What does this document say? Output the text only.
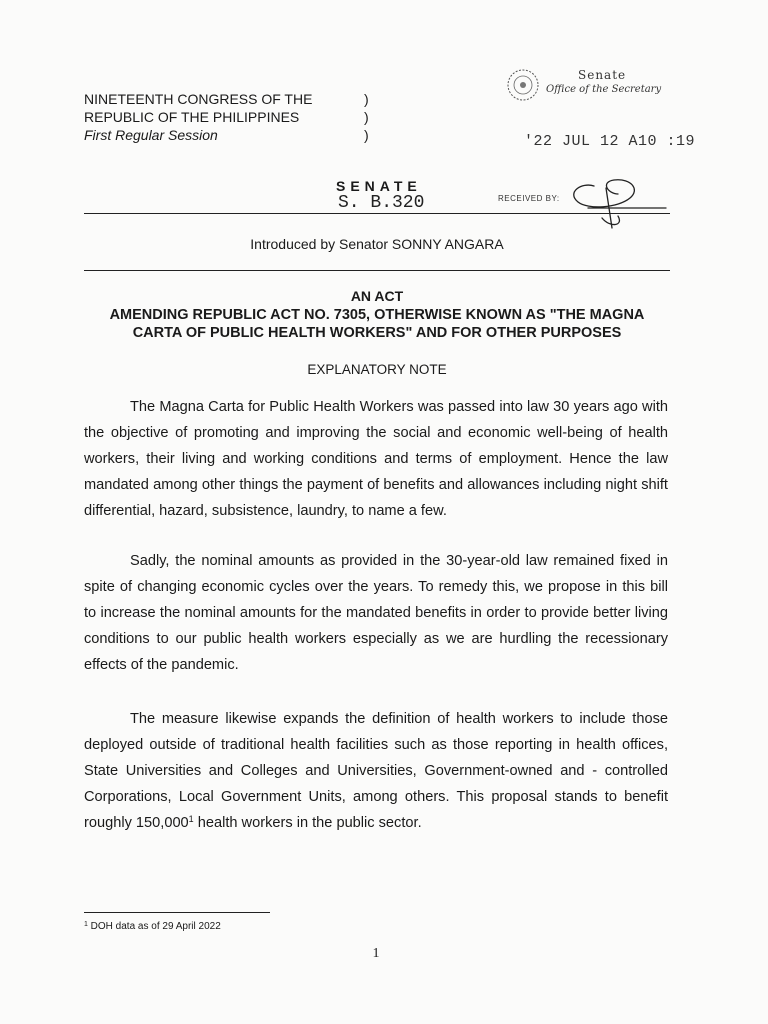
NINETEENTH CONGRESS OF THE
REPUBLIC OF THE PHILIPPINES
First Regular Session
)
)
)
Senate
Office of the Secretary
'22 JUL 12 A10 :19
SENATE
S. B.320	RECEIVED BY:
Introduced by Senator SONNY ANGARA
AN ACT
AMENDING REPUBLIC ACT NO. 7305, OTHERWISE KNOWN AS "THE MAGNA
CARTA OF PUBLIC HEALTH WORKERS" AND FOR OTHER PURPOSES
EXPLANATORY NOTE
The Magna Carta for Public Health Workers was passed into law 30 years ago with the objective of promoting and improving the social and economic well-being of health workers, their living and working conditions and terms of employment. Hence the law mandated among other things the payment of benefits and allowances including night shift differential, hazard, subsistence, laundry, to name a few.
Sadly, the nominal amounts as provided in the 30-year-old law remained fixed in spite of changing economic cycles over the years. To remedy this, we propose in this bill to increase the nominal amounts for the mandated benefits in order to provide better living conditions to our public health workers especially as we are hurdling the recessionary effects of the pandemic.
The measure likewise expands the definition of health workers to include those deployed outside of traditional health facilities such as those reporting in health offices, State Universities and Colleges and Universities, Government-owned and - controlled Corporations, Local Government Units, among others. This proposal stands to benefit roughly 150,000$^1$ health workers in the public sector.
$^1$ DOH data as of 29 April 2022
1
